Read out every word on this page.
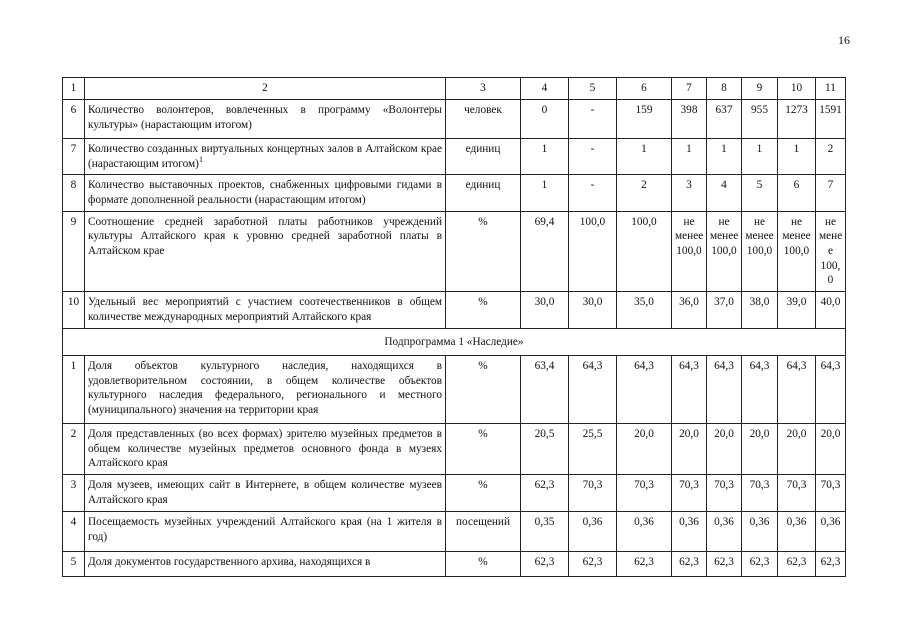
16
1	2	3	4	5	6	7	8	9	10	11
6	Количество волонтеров, вовлеченных в программу «Волонтеры культуры» (нарастающим итогом)	человек	0	-	159	398	637	955	1273	1591
7	Количество созданных виртуальных концертных залов в Алтайском крае (нарастающим итогом)$^1$	единиц	1	-	1	1	1	1	1	2
8	Количество выставочных проектов, снабженных цифровыми гидами в формате дополненной реальности (нарастающим итогом)	единиц	1	-	2	3	4	5	6	7
9	Соотношение средней заработной платы работников учреждений культуры Алтайского края к уровню средней заработной платы в Алтайском крае	%	69,4	100,0	100,0	не менее 100,0	не менее 100,0	не менее 100,0	не менее 100,0	не мене е 100, 0
10	Удельный вес мероприятий с участием соотечественников в общем количестве международных мероприятий Алтайского края	%	30,0	30,0	35,0	36,0	37,0	38,0	39,0	40,0
Подпрограмма 1 «Наследие»										
1	Доля объектов культурного наследия, находящихся в удовлетворительном состоянии, в общем количестве объектов культурного наследия федерального, регионального и местного (муниципального) значения на территории края	%	63,4	64,3	64,3	64,3	64,3	64,3	64,3	64,3
2	Доля представленных (во всех формах) зрителю музейных предметов в общем количестве музейных предметов основного фонда в музеях Алтайского края	%	20,5	25,5	20,0	20,0	20,0	20,0	20,0	20,0
3	Доля музеев, имеющих сайт в Интернете, в общем количестве музеев Алтайского края	%	62,3	70,3	70,3	70,3	70,3	70,3	70,3	70,3
4	Посещаемость музейных учреждений Алтайского края (на 1 жителя в год)	посещений	0,35	0,36	0,36	0,36	0,36	0,36	0,36	0,36
5	Доля документов государственного архива, находящихся в	%	62,3	62,3	62,3	62,3	62,3	62,3	62,3	62,3
